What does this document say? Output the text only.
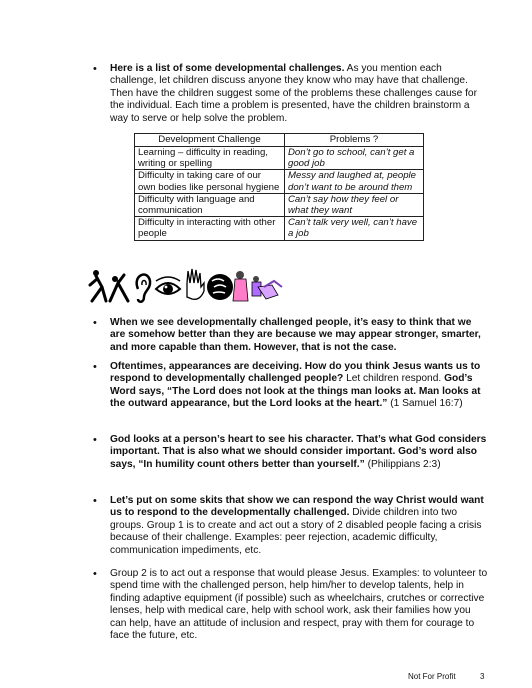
• Here is a list of some developmental challenges. As you mention each challenge, let children discuss anyone they know who may have that challenge. Then have the children suggest some of the problems these challenges cause for the individual. Each time a problem is presented, have the children brainstorm a way to serve or help solve the problem.
Development Challenge	Problems ?
Learning – difficulty in reading, writing or spelling	Don’t go to school, can’t get a good job
Difficulty in taking care of our own bodies like personal hygiene	Messy and laughed at, people don’t want to be around them
Difficulty with language and communication	Can’t say how they feel or what they want
Difficulty in interacting with other people	Can’t talk very well, can’t have a job
• When we see developmentally challenged people, it’s easy to think that we are somehow better than they are because we may appear stronger, smarter, and more capable than them. However, that is not the case.
• Oftentimes, appearances are deceiving. How do you think Jesus wants us to respond to developmentally challenged people? Let children respond. God’s Word says, “The Lord does not look at the things man looks at. Man looks at the outward appearance, but the Lord looks at the heart.” (1 Samuel 16:7)
• God looks at a person’s heart to see his character. That’s what God considers important. That is also what we should consider important. God’s word also says, “In humility count others better than yourself.” (Philippians 2:3)
• Let’s put on some skits that show we can respond the way Christ would want us to respond to the developmentally challenged. Divide children into two groups. Group 1 is to create and act out a story of 2 disabled people facing a crisis because of their challenge. Examples: peer rejection, academic difficulty, communication impediments, etc.
• Group 2 is to act out a response that would please Jesus. Examples: to volunteer to spend time with the challenged person, help him/her to develop talents, help in finding adaptive equipment (if possible) such as wheelchairs, crutches or corrective lenses, help with medical care, help with school work, ask their families how you can help, have an attitude of inclusion and respect, pray with them for courage to face the future, etc.
Not For Profit	3
